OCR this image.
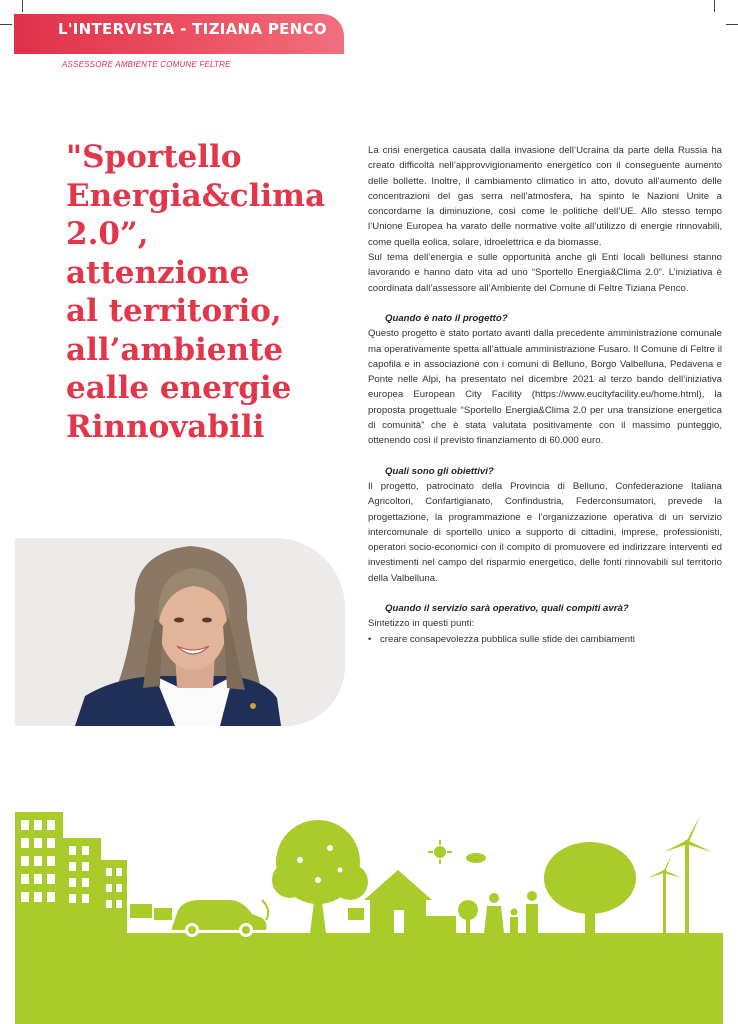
L'INTERVISTA - TIZIANA PENCO
ASSESSORE AMBIENTE COMUNE FELTRE
"Sportello
Energia&clima
2.0”,
attenzione
al territorio,
all’ambiente
ealle energie
Rinnovabili

La crisi energetica causata dalla invasione dell’Ucraina da parte della Russia ha creato difficoltà nell’approvvigionamento energetico con il conseguente aumento delle bollette. Inoltre, il cambiamento climatico in atto, dovuto all’aumento delle concentrazioni del gas serra nell’atmosfera, ha spinto le Nazioni Unite a concordarne la diminuzione, così come le politiche dell’UE. Allo stesso tempo l’Unione Europea ha varato delle normative volte all’utilizzo di energie rinnovabili, come quella eolica, solare, idroelettrica e da biomasse.

Sul tema dell’energia e sulle opportunità anche gli Enti locali bellunesi stanno lavorando e hanno dato vita ad uno “Sportello Energia&Clima 2.0”. L’iniziativa è coordinata dall’assessore all’Ambiente del Comune di Feltre Tiziana Penco.

Quando è nato il progetto?

Questo progetto è stato portato avanti dalla precedente amministrazione comunale ma operativamente spetta all’attuale amministrazione Fusaro. Il Comune di Feltre il capofila e in associazione con i comuni di Belluno, Borgo Valbelluna, Pedavena e Ponte nelle Alpi, ha presentato nel dicembre 2021 al terzo bando dell’iniziativa europea European City Facility (https://www.eucityfacility.eu/home.html), la proposta progettuale “Sportello Energia&Clima 2.0 per una transizione energetica di comunità” che è stata valutata positivamente con il massimo punteggio, ottenendo così il previsto finanziamento di 60.000 euro.

Quali sono gli obiettivi?

Il progetto, patrocinato della Provincia di Belluno, Confederazione Italiana Agricoltori, Confartigianato, Confindustria, Federconsumatori, prevede la progettazione, la programmazione e l’organizzazione operativa di un servizio intercomunale di sportello unico a supporto di cittadini, imprese, professionisti, operatori socio-economici con il compito di promuovere ed indirizzare interventi ed investimenti nel campo del risparmio energetico, delle fonti rinnovabili sul territorio della Valbelluna.

Quando il servizio sarà operativo, quali compiti avrà?

Sintetizzo in questi punti:

• creare consapevolezza pubblica sulle sfide dei cambiamenti
